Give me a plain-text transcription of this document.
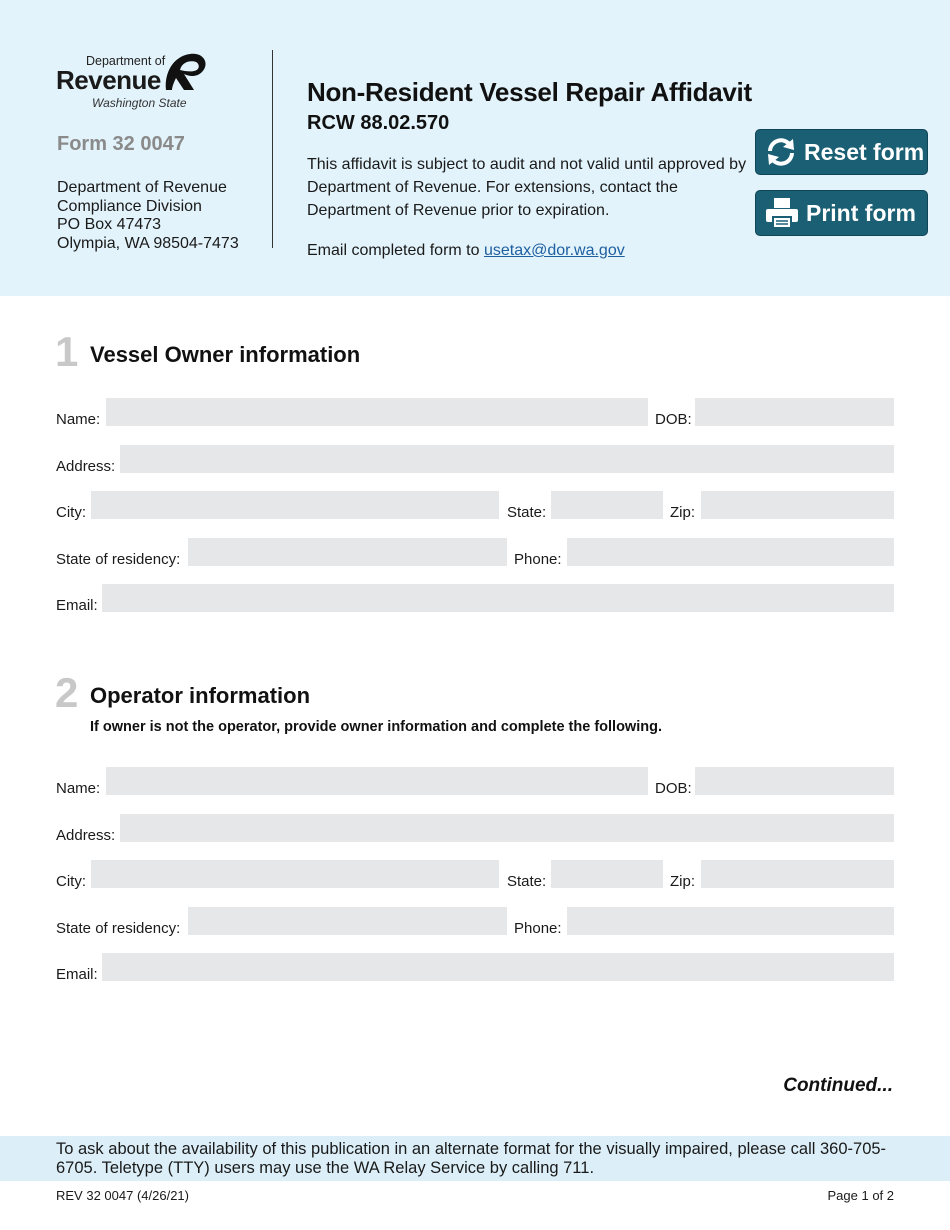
Department of
Revenue
Washington State
Form 32 0047
Department of Revenue
Compliance Division
PO Box 47473
Olympia, WA 98504-7473
Non-Resident Vessel Repair Affidavit
RCW 88.02.570
This affidavit is subject to audit and not valid until approved by Department of Revenue. For extensions, contact the Department of Revenue prior to expiration.
Email completed form to usetax@dor.wa.gov
Reset form
Print form
1 Vessel Owner information
Name:	DOB:
Address:
City:	State:	Zip:
State of residency:	Phone:
Email:
2 Operator information
If owner is not the operator, provide owner information and complete the following.
Name:	DOB:
Address:
City:	State:	Zip:
State of residency:	Phone:
Email:
Continued...
To ask about the availability of this publication in an alternate format for the visually impaired, please call 360-705-6705. Teletype (TTY) users may use the WA Relay Service by calling 711.
REV 32 0047 (4/26/21)	Page 1 of 2
